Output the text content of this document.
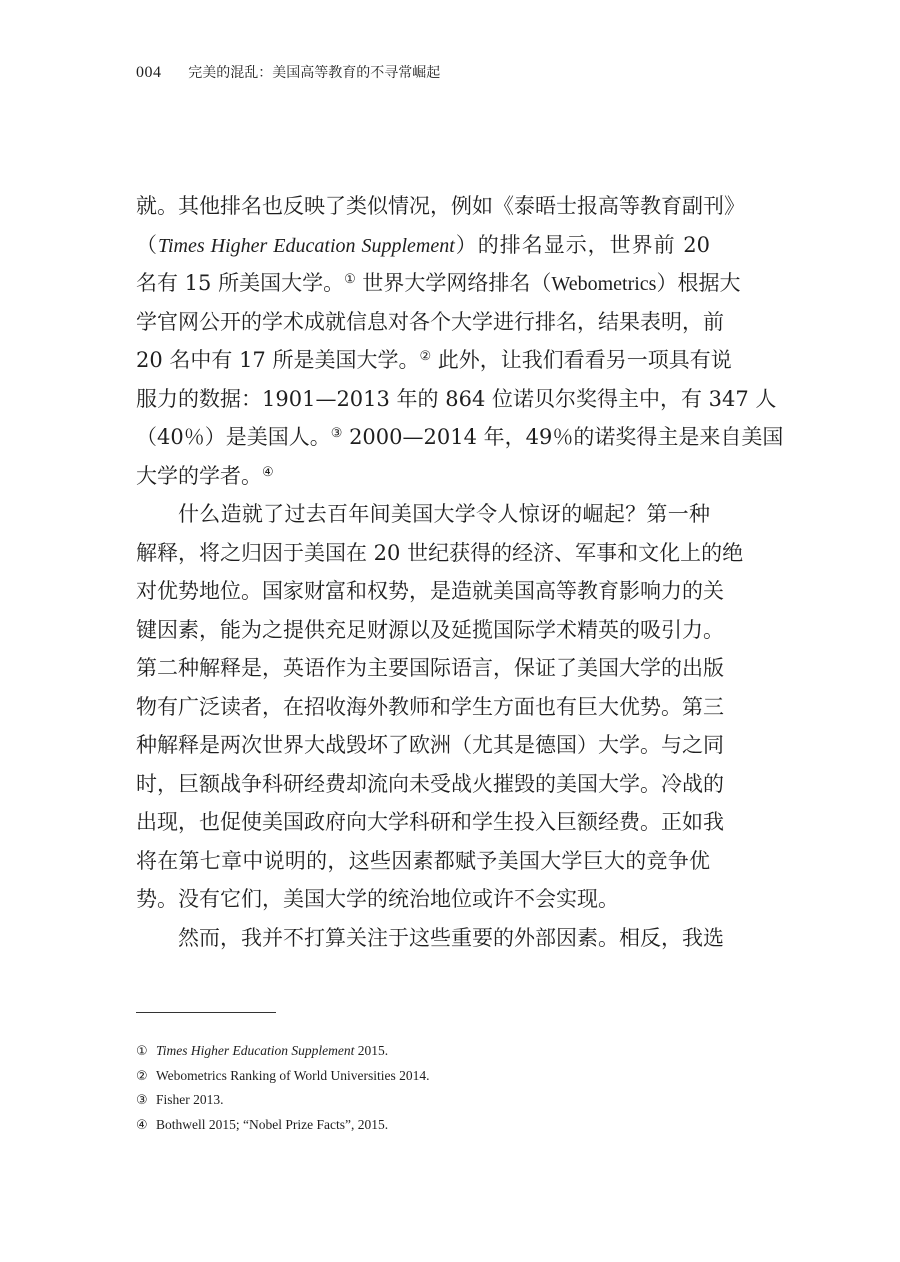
004 完美的混乱：美国高等教育的不寻常崛起
就。其他排名也反映了类似情况，例如《泰晤士报高等教育副刊》
（Times Higher Education Supplement）的排名显示，世界前 20
名有 15 所美国大学。① 世界大学网络排名（Webometrics）根据大
学官网公开的学术成就信息对各个大学进行排名，结果表明，前
20 名中有 17 所是美国大学。② 此外，让我们看看另一项具有说
服力的数据：1901—2013 年的 864 位诺贝尔奖得主中，有 347 人
（40％）是美国人。③ 2000—2014 年，49％的诺奖得主是来自美国
大学的学者。④
什么造就了过去百年间美国大学令人惊讶的崛起？第一种
解释，将之归因于美国在 20 世纪获得的经济、军事和文化上的绝
对优势地位。国家财富和权势，是造就美国高等教育影响力的关
键因素，能为之提供充足财源以及延揽国际学术精英的吸引力。
第二种解释是，英语作为主要国际语言，保证了美国大学的出版
物有广泛读者，在招收海外教师和学生方面也有巨大优势。第三
种解释是两次世界大战毁坏了欧洲（尤其是德国）大学。与之同
时，巨额战争科研经费却流向未受战火摧毁的美国大学。冷战的
出现，也促使美国政府向大学科研和学生投入巨额经费。正如我
将在第七章中说明的，这些因素都赋予美国大学巨大的竞争优
势。没有它们，美国大学的统治地位或许不会实现。
然而，我并不打算关注于这些重要的外部因素。相反，我选
① Times Higher Education Supplement 2015.
② Webometrics Ranking of World Universities 2014.
③ Fisher 2013.
④ Bothwell 2015; “Nobel Prize Facts”, 2015.
